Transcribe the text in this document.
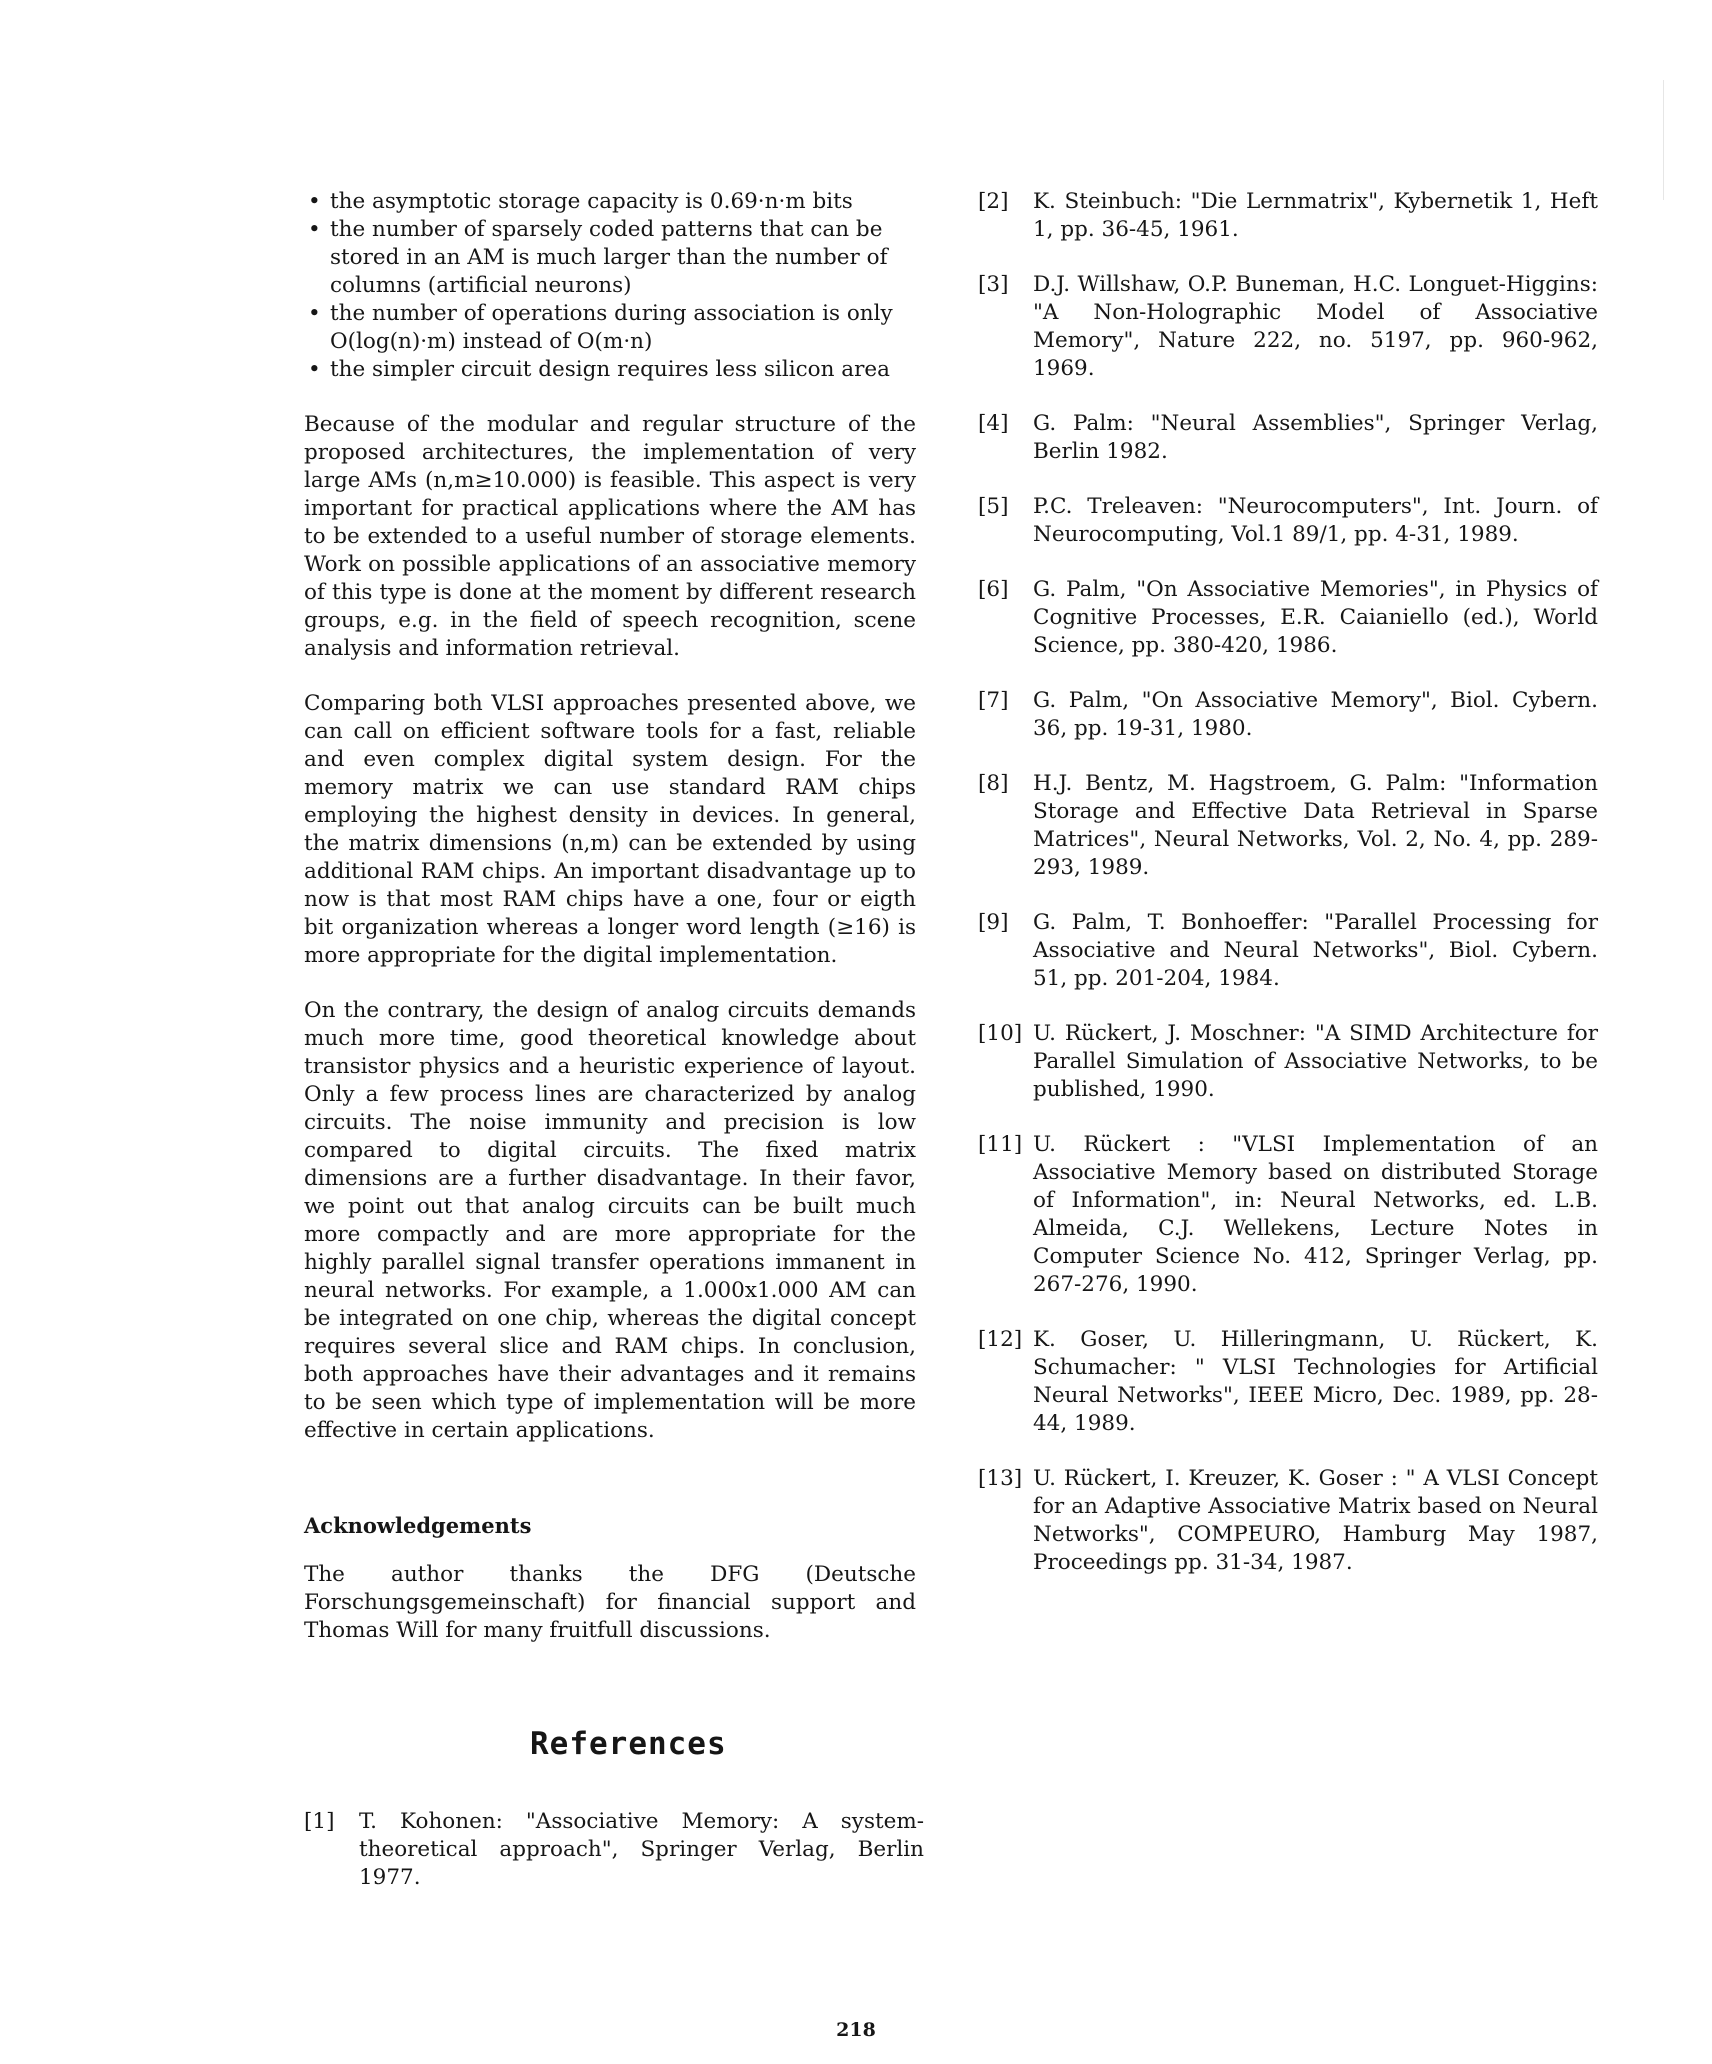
• the asymptotic storage capacity is 0.69·n·m bits
• the number of sparsely coded patterns that can be stored in an AM is much larger than the number of columns (artificial neurons)
• the number of operations during association is only O(log(n)·m) instead of O(m·n)
• the simpler circuit design requires less silicon area

Because of the modular and regular structure of the proposed architectures, the implementation of very large AMs (n,m≥10.000) is feasible. This aspect is very important for practical applications where the AM has to be extended to a useful number of storage elements. Work on possible applications of an associative memory of this type is done at the moment by different research groups, e.g. in the field of speech recognition, scene analysis and information retrieval.

Comparing both VLSI approaches presented above, we can call on efficient software tools for a fast, reliable and even complex digital system design. For the memory matrix we can use standard RAM chips employing the highest density in devices. In general, the matrix dimensions (n,m) can be extended by using additional RAM chips. An important disadvantage up to now is that most RAM chips have a one, four or eigth bit organization whereas a longer word length (≥16) is more appropriate for the digital implementation.

On the contrary, the design of analog circuits demands much more time, good theoretical knowledge about transistor physics and a heuristic experience of layout. Only a few process lines are characterized by analog circuits. The noise immunity and precision is low compared to digital circuits. The fixed matrix dimensions are a further disadvantage. In their favor, we point out that analog circuits can be built much more compactly and are more appropriate for the highly parallel signal transfer operations immanent in neural networks. For example, a 1.000x1.000 AM can be integrated on one chip, whereas the digital concept requires several slice and RAM chips. In conclusion, both approaches have their advantages and it remains to be seen which type of implementation will be more effective in certain applications.

Acknowledgements

The author thanks the DFG (Deutsche Forschungsgemeinschaft) for financial support and Thomas Will for many fruitfull discussions.

References
[1]	T. Kohonen: "Associative Memory: A system-theoretical approach", Springer Verlag, Berlin 1977.
[2]	K. Steinbuch: "Die Lernmatrix", Kybernetik 1, Heft 1, pp. 36-45, 1961.
[3]	D.J. Willshaw, O.P. Buneman, H.C. Longuet-Higgins: "A Non-Holographic Model of Associative Memory", Nature 222, no. 5197, pp. 960-962, 1969.
[4]	G. Palm: "Neural Assemblies", Springer Verlag, Berlin 1982.
[5]	P.C. Treleaven: "Neurocomputers", Int. Journ. of Neurocomputing, Vol.1 89/1, pp. 4-31, 1989.
[6]	G. Palm, "On Associative Memories", in Physics of Cognitive Processes, E.R. Caianiello (ed.), World Science, pp. 380-420, 1986.
[7]	G. Palm, "On Associative Memory", Biol. Cybern. 36, pp. 19-31, 1980.
[8]	H.J. Bentz, M. Hagstroem, G. Palm: "Information Storage and Effective Data Retrieval in Sparse Matrices", Neural Networks, Vol. 2, No. 4, pp. 289-293, 1989.
[9]	G. Palm, T. Bonhoeffer: "Parallel Processing for Associative and Neural Networks", Biol. Cybern. 51, pp. 201-204, 1984.
[10] U. Rückert, J. Moschner: "A SIMD Architecture for Parallel Simulation of Associative Networks, to be published, 1990.
[11] U. Rückert : "VLSI Implementation of an Associative Memory based on distributed Storage of Information", in: Neural Networks, ed. L.B. Almeida, C.J. Wellekens, Lecture Notes in Computer Science No. 412, Springer Verlag, pp. 267-276, 1990.
[12] K. Goser, U. Hilleringmann, U. Rückert, K. Schumacher: " VLSI Technologies for Artificial Neural Networks", IEEE Micro, Dec. 1989, pp. 28-44, 1989.
[13] U. Rückert, I. Kreuzer, K. Goser : " A VLSI Concept for an Adaptive Associative Matrix based on Neural Networks", COMPEURO, Hamburg May 1987, Proceedings pp. 31-34, 1987.
218
